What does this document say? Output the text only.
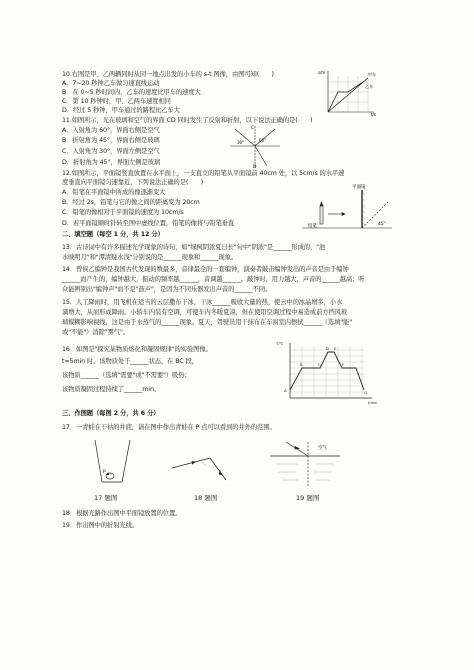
10.右图是甲、乙两辆同时从同一地点出发的小车的 s-t 图像，由图可知(　　)
A．7~20 秒钟乙车做匀速直线运动
B．在 0~5 秒时间内，乙车的速度比甲车的速度大
C．第 10 秒钟时，甲、乙两车速度相同
D．经过 5 秒钟，甲车通过的路程比乙车大
s/m	甲车
乙车
t/s
11.如图所示，光在玻璃和空气的界面 CD 同时发生了反射和折射，以下说法正确的是(　　)
A．入射角为 60°，界面右侧是空气
B．折射角为 45°，界面右侧是玻璃
C．入射角为 30°，界面左侧是空气
D．折射角为 45°，界面左侧是玻璃
30°	60°
C
D
12.如图所示，平面镜竖直放置在水平面上，一支直立的铅笔从平面镜前 40cm 处，以 5cm/s 的水平速
度垂直向平面镜匀速靠近，下列说法正确的是(　　)
A．铅笔在平面镜中所成的像逐渐变大
B．经过 2s，铅笔与它的像之间的距离变为 20cm
C．铅笔的像相对于平面镜的速度为 10cm/s
D．若平面镜顺时针转至图中虚线位置，铅笔的像将与铅笔垂直
平面镜
铅笔	45°
二、填空题（每空 1 分，共 12 分）
13．古诗词中有许多描述光学现象的诗句，如"绿树阴浓夏日长"句中"阴浓"是______形成的，"池
水映明月"和"潭清疑水浅"分别说的是______现象和______现象。
14．曾侯乙编钟是我国古代发现的数最多，音律最全的一套编钟，演奏者敲击编钟发出的声音是由于编钟
______而产生的，编钟越大，振动的频率越______，音调越______。敲钟时，用力越大，声音的______越高；听
众能辨别出"编钟声"而不是"鼓声"，是因为不同乐器发出声音的______不同。
15．人工降雨时，用飞机在适当的云层撒布干冰，干冰______吸收大量的热，使云中的冰晶增多，小水
滴增大，从而形成降雨。小轿车内装有空调，可使车内冬暖夏凉，但在使用空调过程中易造成前方挡风玻
璃模糊影响视线，这是由于水蒸气的______现象。夏天，驾驶员用干抹布在车窗室内擦拭______（选填"能"
或"不能"）消除"雾气"。
16．如图是"探究某物质熔化和凝固规律"的实验图像。
t=5min 时，该物质处于______状态，在 BC 段，
该物质______（选填"需要"或"不需要"）吸热；
该物质凝固过程持续了______min。
T/℃
t/min
A
B	C
D E
F
G
三、作图题（每图 2 分，共 6 分）
17．一青蛙在干枯的井底，请在图中作出青蛙在 P 点可以看到的井外的范围。
P
17 题图	18 题图
空气
19 题图
18．根据光路作出图中平面镜放置的位置。
19．作出图中的折射光线。
